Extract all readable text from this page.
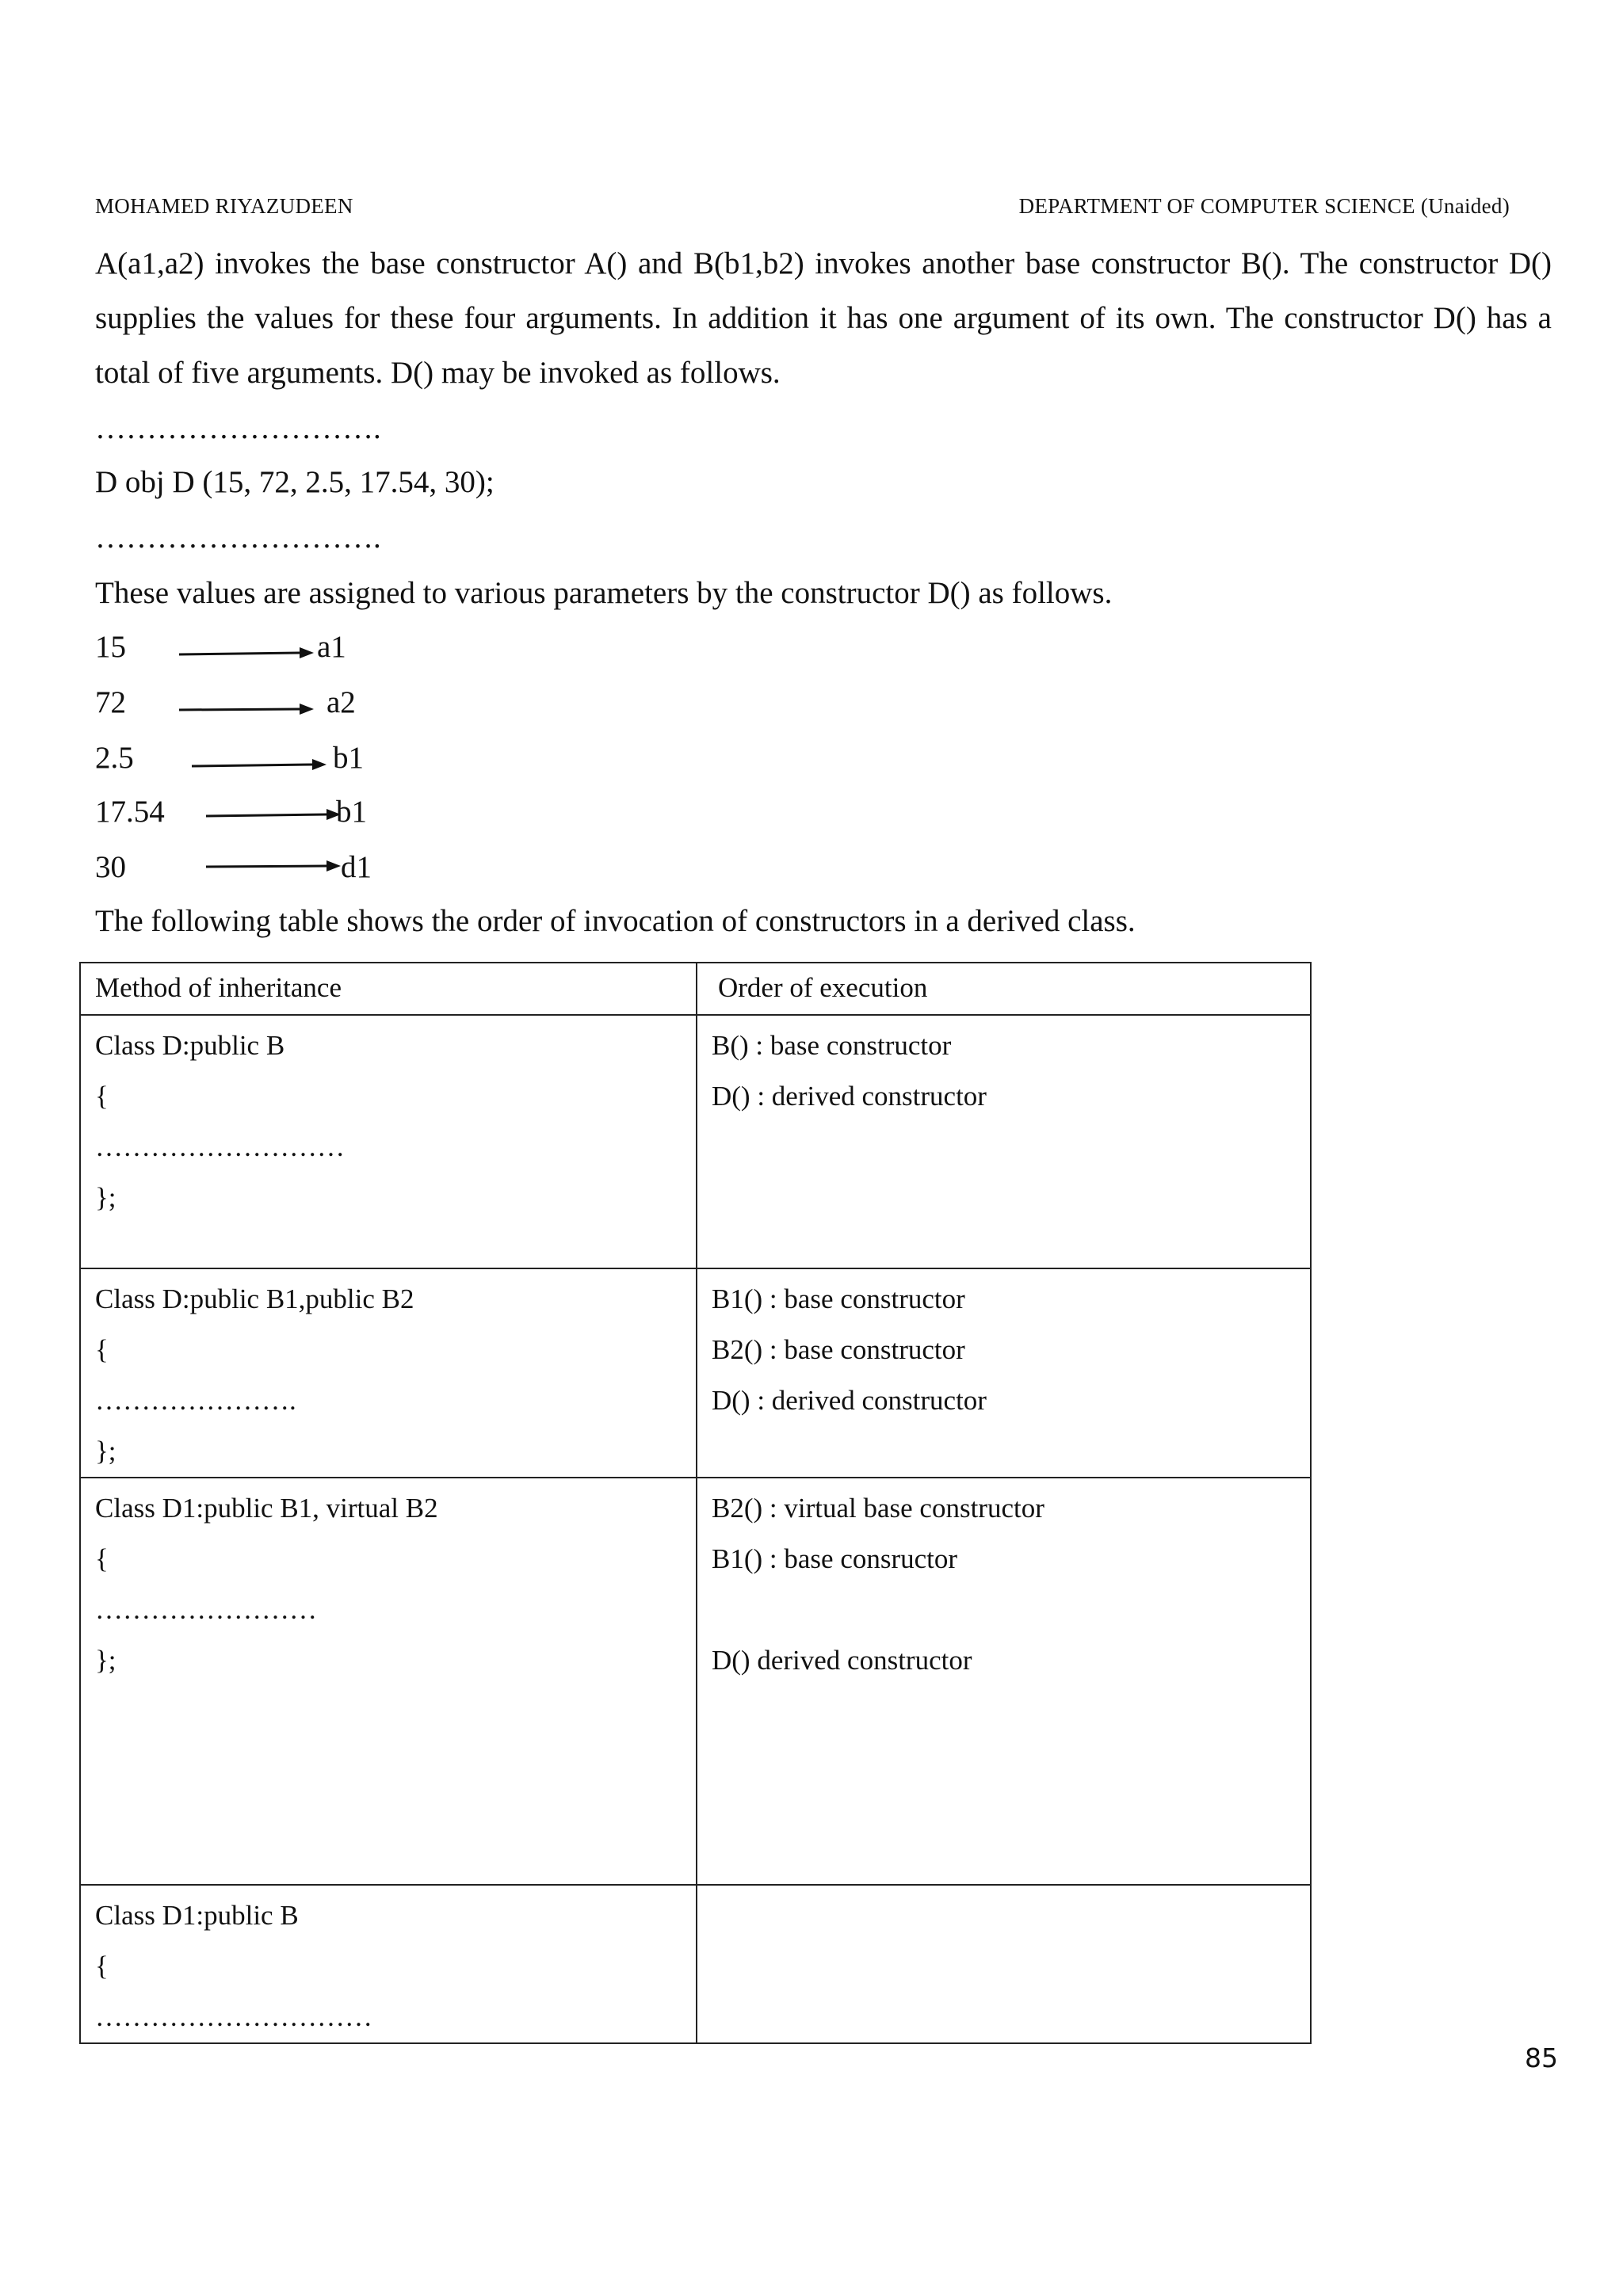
MOHAMED RIYAZUDEEN	DEPARTMENT OF COMPUTER SCIENCE (Unaided)

A(a1,a2) invokes the base constructor A() and B(b1,b2) invokes another base constructor B(). The constructor D() supplies the values for these four arguments. In addition it has one argument of its own. The constructor D() has a total of five arguments. D() may be invoked as follows.

……………………….

D obj D (15, 72, 2.5, 17.54, 30);

……………………….

These values are assigned to various parameters by the constructor D() as follows.

15	a1
72	a2
2.5	b1
17.54	b1
30	d1

The following table shows the order of invocation of constructors in a derived class.

Method of inheritance	Order of execution

Class D:public B
{
………………………
};	B() : base constructor
D() : derived constructor

Class D:public B1,public B2
{
………………….
};	B1() : base constructor
B2() : base constructor
D() : derived constructor

Class D1:public B1, virtual B2
{
……………………
};	B2() : virtual base constructor
B1() : base consructor
D() derived constructor

Class D1:public B
{
…………………………	

85
